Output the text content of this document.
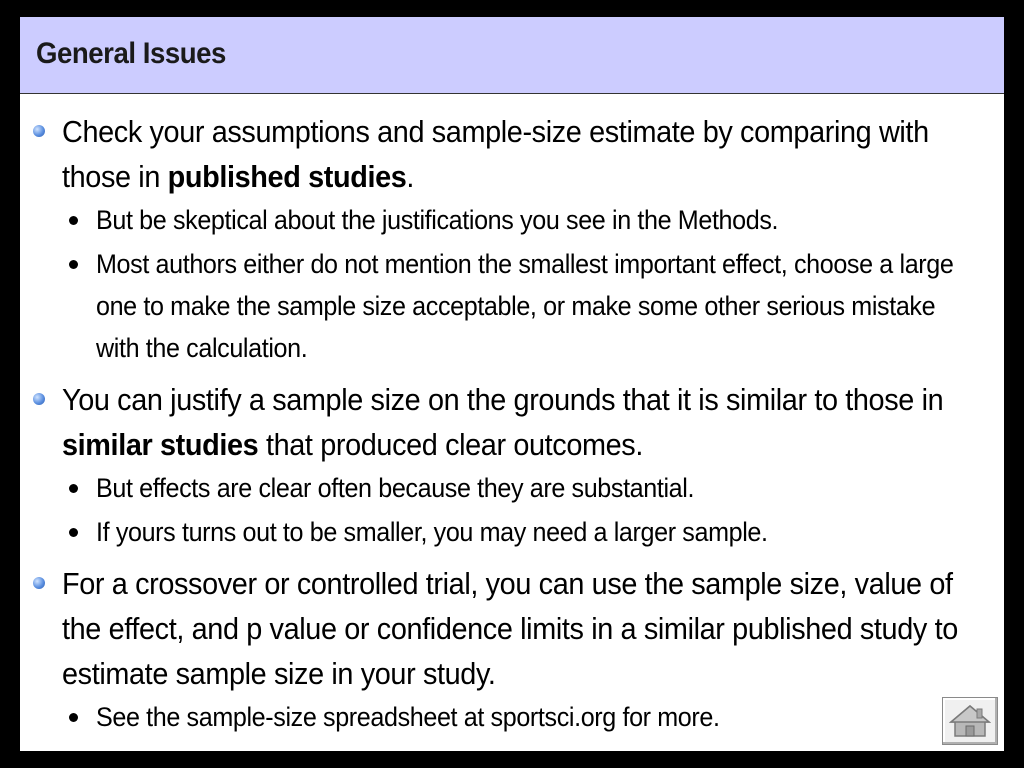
General Issues
Check your assumptions and sample-size estimate by comparing with those in published studies.
But be skeptical about the justifications you see in the Methods.
Most authors either do not mention the smallest important effect, choose a large one to make the sample size acceptable, or make some other serious mistake with the calculation.
You can justify a sample size on the grounds that it is similar to those in similar studies that produced clear outcomes.
But effects are clear often because they are substantial.
If yours turns out to be smaller, you may need a larger sample.
For a crossover or controlled trial, you can use the sample size, value of the effect, and p value or confidence limits in a similar published study to estimate sample size in your study.
See the sample-size spreadsheet at sportsci.org for more.
